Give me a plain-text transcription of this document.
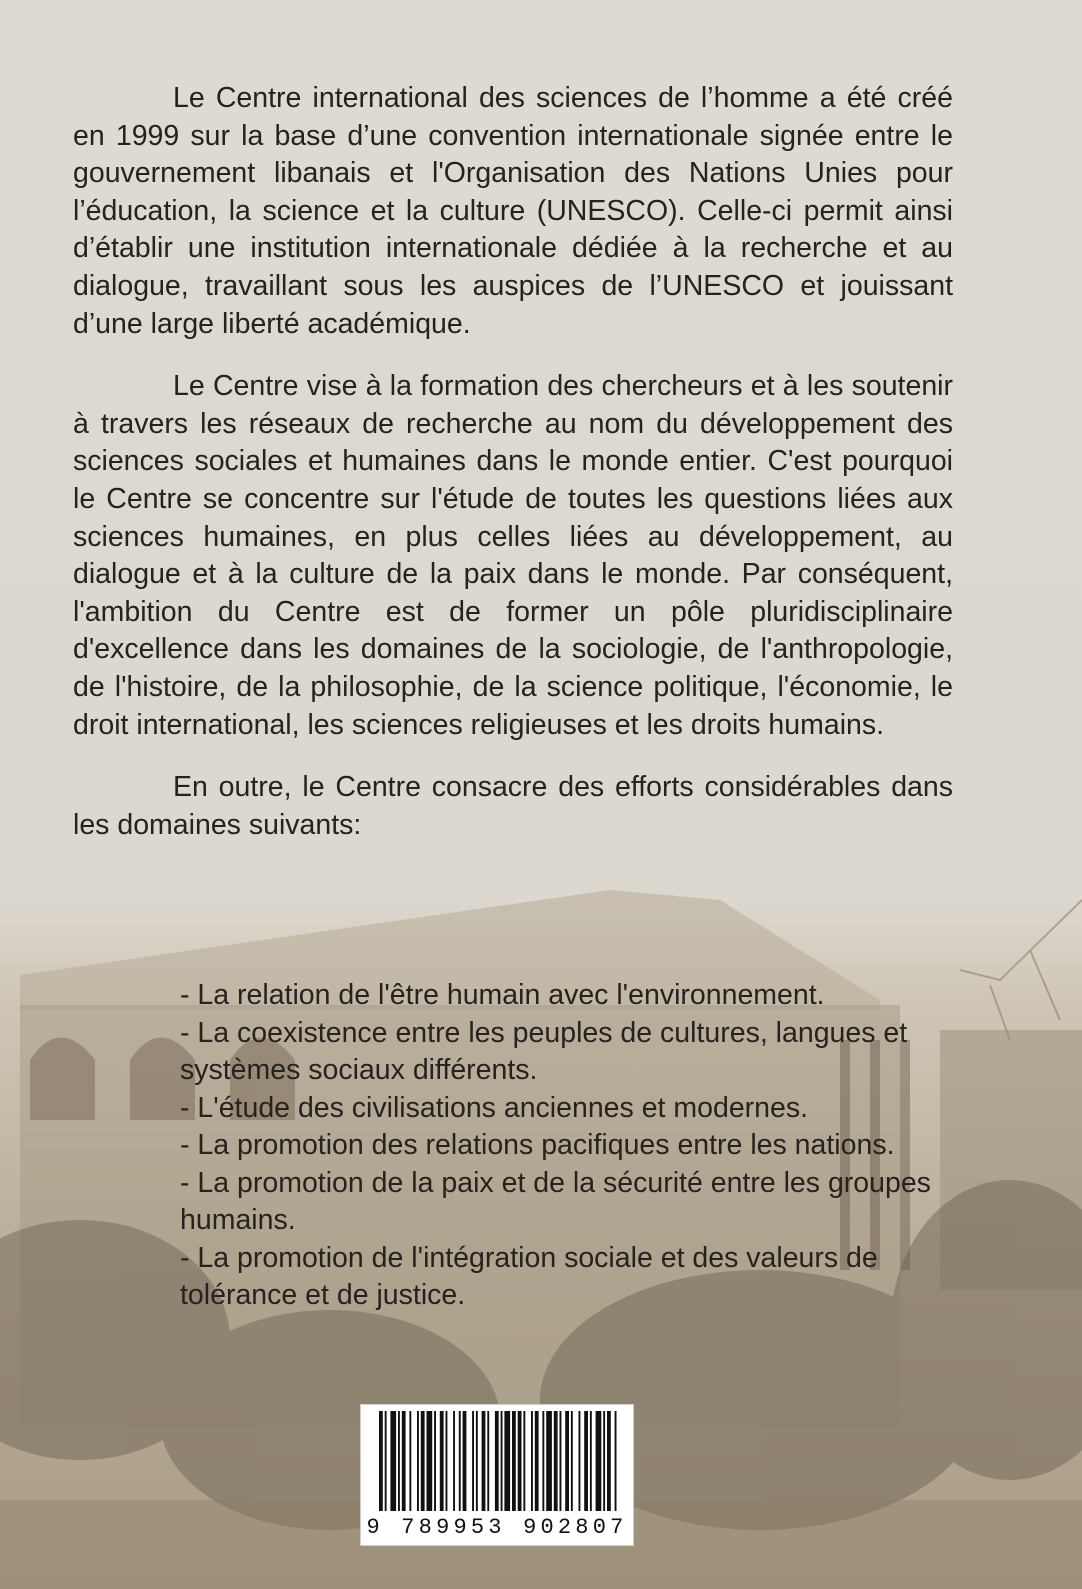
Le Centre international des sciences de l’homme a été créé en 1999 sur la base d’une convention internationale signée entre le gouvernement libanais et l'Organisation des Nations Unies pour l’éducation, la science et la culture (UNESCO). Celle-ci permit ainsi d’établir une institution internationale dédiée à la recherche et au dialogue, travaillant sous les auspices de l’UNESCO et jouissant d’une large liberté académique.

Le Centre vise à la formation des chercheurs et à les soutenir à travers les réseaux de recherche au nom du développement des sciences sociales et humaines dans le monde entier. C'est pourquoi le Centre se concentre sur l'étude de toutes les questions liées aux sciences humaines, en plus celles liées au développement, au dialogue et à la culture de la paix dans le monde. Par conséquent, l'ambition du Centre est de former un pôle pluridisciplinaire d'excellence dans les domaines de la sociologie, de l'anthropologie, de l'histoire, de la philosophie, de la science politique, l'économie, le droit international, les sciences religieuses et les droits humains.

En outre, le Centre consacre des efforts considérables dans les domaines suivants:

- La relation de l'être humain avec l'environnement.

- La coexistence entre les peuples de cultures, langues et systèmes sociaux différents.

- L'étude des civilisations anciennes et modernes.

- La promotion des relations pacifiques entre les nations.

- La promotion de la paix et de la sécurité entre les groupes humains.

- La promotion de l'intégration sociale et des valeurs de tolérance et de justice.

9 789953 902807
